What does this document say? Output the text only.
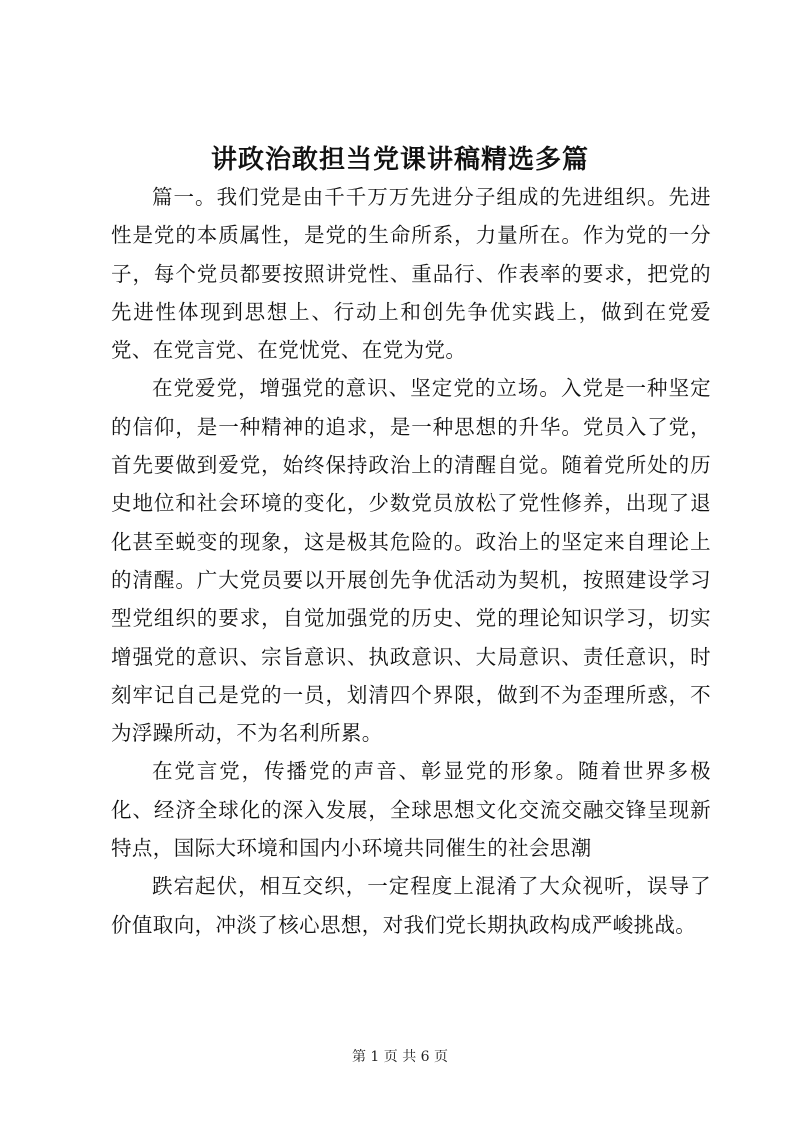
讲政治敢担当党课讲稿精选多篇

篇一。我们党是由千千万万先进分子组成的先进组织。先进性是党的本质属性，是党的生命所系，力量所在。作为党的一分子，每个党员都要按照讲党性、重品行、作表率的要求，把党的先进性体现到思想上、行动上和创先争优实践上，做到在党爱党、在党言党、在党忧党、在党为党。

在党爱党，增强党的意识、坚定党的立场。入党是一种坚定的信仰，是一种精神的追求，是一种思想的升华。党员入了党，首先要做到爱党，始终保持政治上的清醒自觉。随着党所处的历史地位和社会环境的变化，少数党员放松了党性修养，出现了退化甚至蜕变的现象，这是极其危险的。政治上的坚定来自理论上的清醒。广大党员要以开展创先争优活动为契机，按照建设学习型党组织的要求，自觉加强党的历史、党的理论知识学习，切实增强党的意识、宗旨意识、执政意识、大局意识、责任意识，时刻牢记自己是党的一员，划清四个界限，做到不为歪理所惑，不为浮躁所动，不为名利所累。

在党言党，传播党的声音、彰显党的形象。随着世界多极化、经济全球化的深入发展，全球思想文化交流交融交锋呈现新特点，国际大环境和国内小环境共同催生的社会思潮

跌宕起伏，相互交织，一定程度上混淆了大众视听，误导了价值取向，冲淡了核心思想，对我们党长期执政构成严峻挑战。

第 1 页 共 6 页
